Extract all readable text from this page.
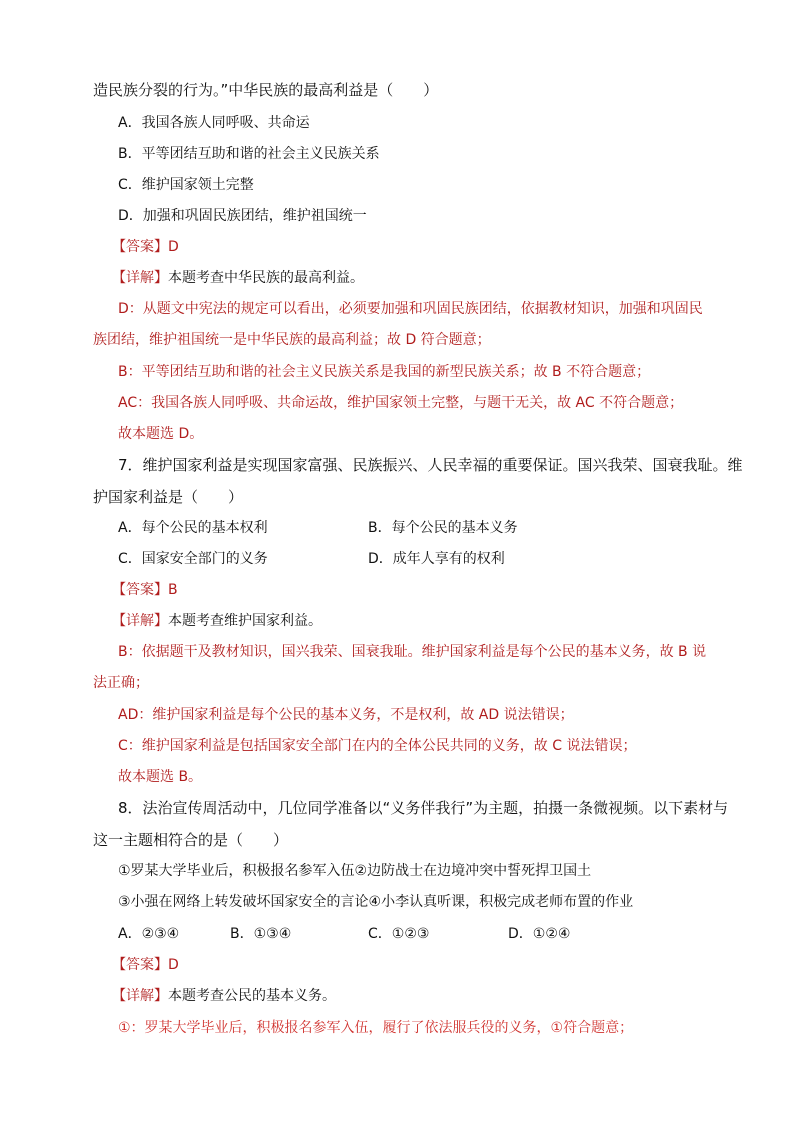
造民族分裂的行为。”中华民族的最高利益是（　　）
A．我国各族人同呼吸、共命运
B．平等团结互助和谐的社会主义民族关系
C．维护国家领土完整
D．加强和巩固民族团结，维护祖国统一
【答案】D
【详解】本题考查中华民族的最高利益。
D：从题文中宪法的规定可以看出，必须要加强和巩固民族团结，依据教材知识，加强和巩固民
族团结，维护祖国统一是中华民族的最高利益；故 D 符合题意；
B：平等团结互助和谐的社会主义民族关系是我国的新型民族关系；故 B 不符合题意；
AC：我国各族人同呼吸、共命运故，维护国家领土完整，与题干无关，故 AC 不符合题意；
故本题选 D。
7．维护国家利益是实现国家富强、民族振兴、人民幸福的重要保证。国兴我荣、国衰我耻。维
护国家利益是（　　）
A．每个公民的基本权利	B．每个公民的基本义务
C．国家安全部门的义务	D．成年人享有的权利
【答案】B
【详解】本题考查维护国家利益。
B：依据题干及教材知识，国兴我荣、国衰我耻。维护国家利益是每个公民的基本义务，故 B 说
法正确；
AD：维护国家利益是每个公民的基本义务，不是权利，故 AD 说法错误；
C：维护国家利益是包括国家安全部门在内的全体公民共同的义务，故 C 说法错误；
故本题选 B。
8．法治宣传周活动中，几位同学准备以“义务伴我行”为主题，拍摄一条微视频。以下素材与
这一主题相符合的是（　　）
①罗某大学毕业后，积极报名参军入伍②边防战士在边境冲突中誓死捍卫国土
③小强在网络上转发破坏国家安全的言论④小李认真听课，积极完成老师布置的作业
A．②③④	B．①③④	C．①②③	D．①②④
【答案】D
【详解】本题考查公民的基本义务。
①：罗某大学毕业后，积极报名参军入伍，履行了依法服兵役的义务，①符合题意；
